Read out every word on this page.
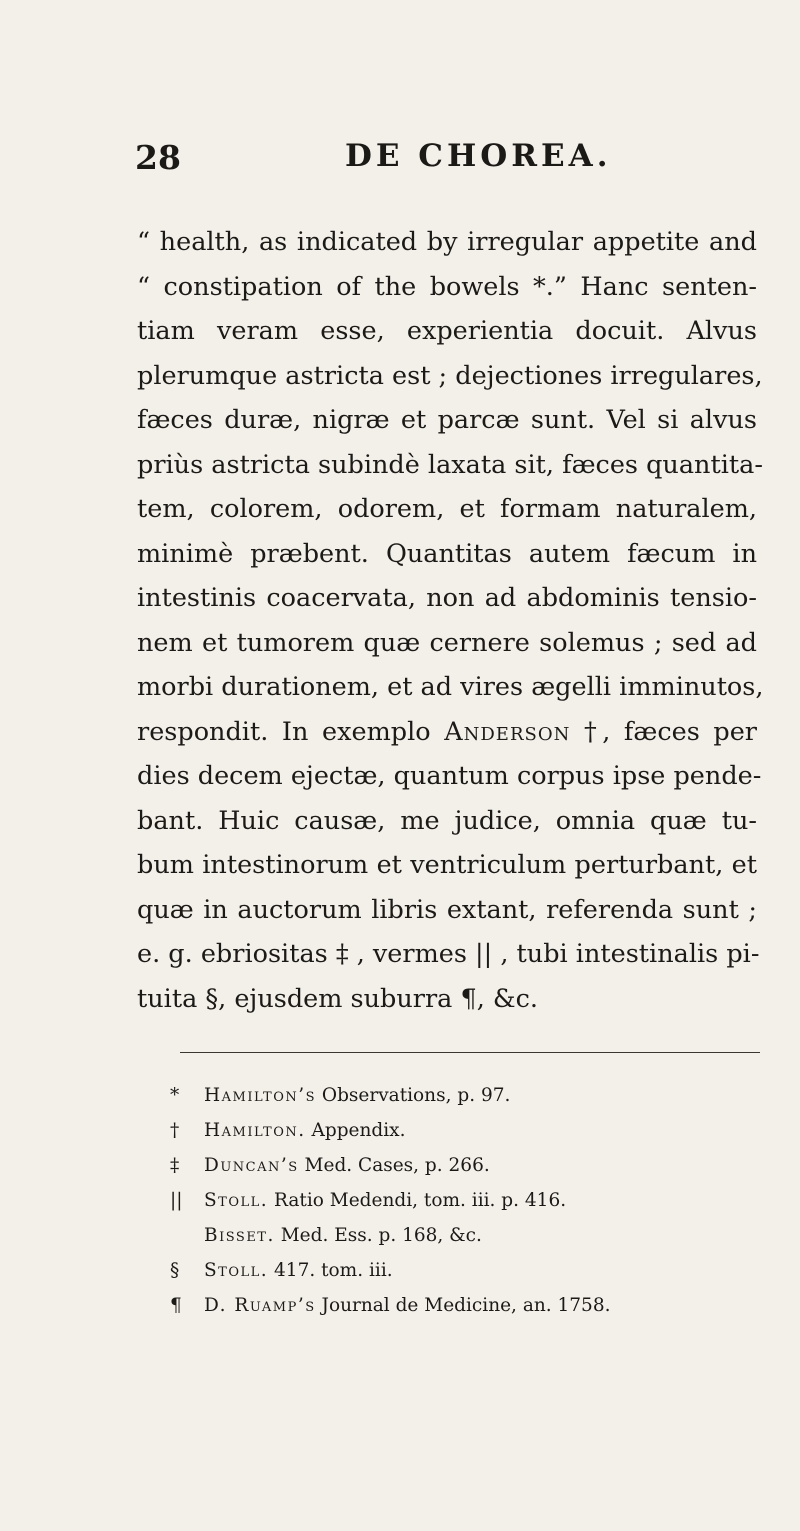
28	DE CHOREA.
“ health, as indicated by irregular appetite and
“ constipation of the bowels *.” Hanc senten-
tiam veram esse, experientia docuit. Alvus
plerumque astricta est ; dejectiones irregulares,
fæces duræ, nigræ et parcæ sunt. Vel si alvus
priùs astricta subindè laxata sit, fæces quantita-
tem, colorem, odorem, et formam naturalem,
minimè præbent. Quantitas autem fæcum in
intestinis coacervata, non ad abdominis tensio-
nem et tumorem quæ cernere solemus ; sed ad
morbi durationem, et ad vires ægelli imminutos,
respondit. In exemplo Anderson †, fæces per
dies decem ejectæ, quantum corpus ipse pende-
bant. Huic causæ, me judice, omnia quæ tu-
bum intestinorum et ventriculum perturbant, et
quæ in auctorum libris extant, referenda sunt ;
e. g. ebriositas ‡ , vermes || , tubi intestinalis pi-
tuita §, ejusdem suburra ¶, &c.
* Hamilton’s Observations, p. 97.
† Hamilton. Appendix.
‡ Duncan’s Med. Cases, p. 266.
|| Stoll. Ratio Medendi, tom. iii. p. 416.
Bisset. Med. Ess. p. 168, &c.
§ Stoll. 417. tom. iii.
¶ D. Ruamp’s Journal de Medicine, an. 1758.
